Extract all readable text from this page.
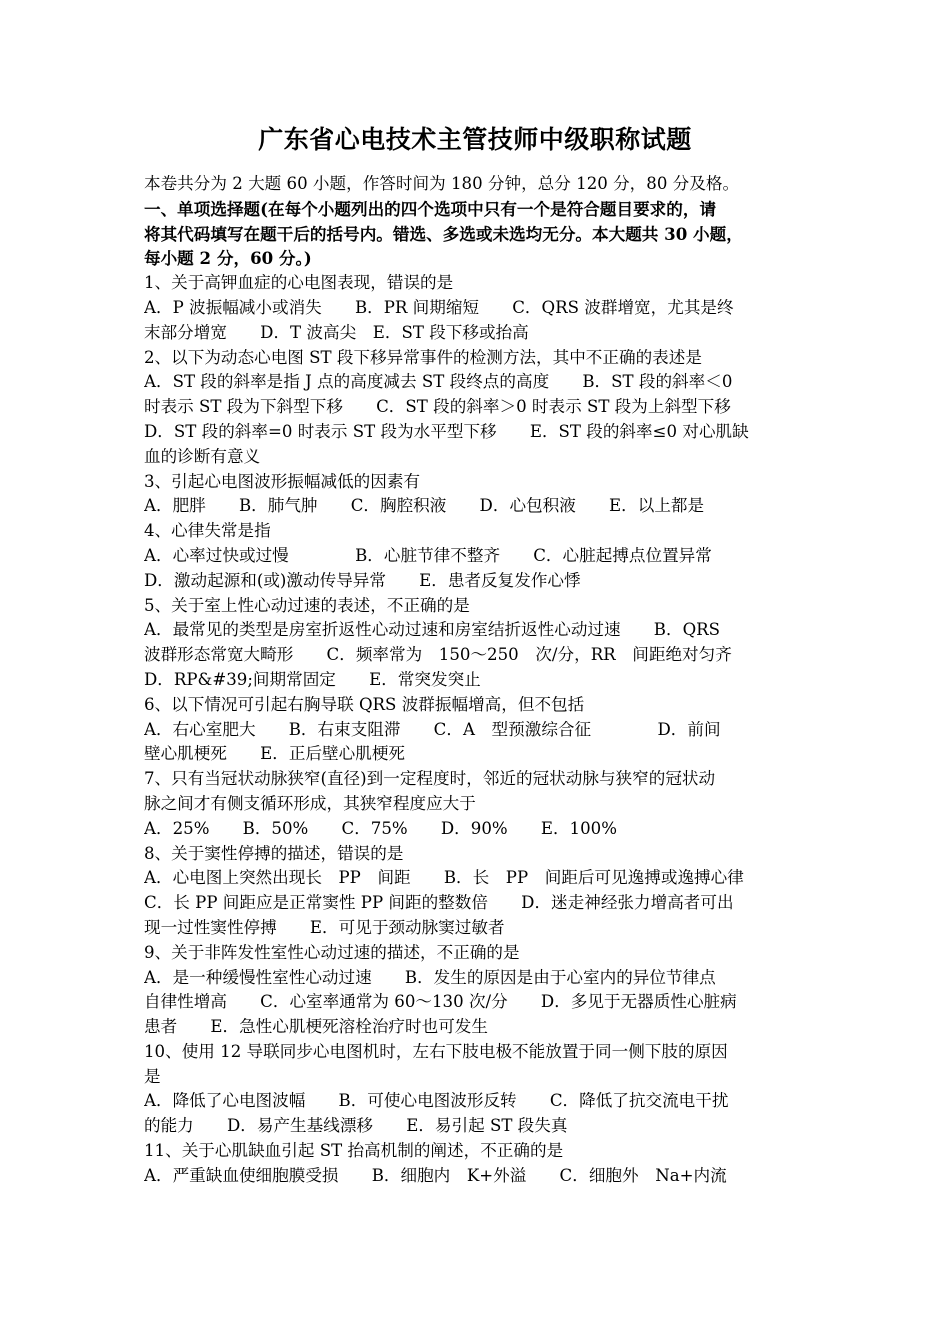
广东省心电技术主管技师中级职称试题
本卷共分为 2 大题 60 小题，作答时间为 180 分钟，总分 120 分，80 分及格。
一、单项选择题(在每个小题列出的四个选项中只有一个是符合题目要求的，请
将其代码填写在题干后的括号内。错选、多选或未选均无分。本大题共 30 小题，
每小题 2 分，60 分。)
1、关于高钾血症的心电图表现，错误的是
A．P 波振幅减小或消失　　B．PR 间期缩短　　C．QRS 波群增宽，尤其是终
末部分增宽　　D．T 波高尖　E．ST 段下移或抬高
2、以下为动态心电图 ST 段下移异常事件的检测方法，其中不正确的表述是
A．ST 段的斜率是指 J 点的高度减去 ST 段终点的高度　　B．ST 段的斜率＜0
时表示 ST 段为下斜型下移　　C．ST 段的斜率＞0 时表示 ST 段为上斜型下移
D．ST 段的斜率=0 时表示 ST 段为水平型下移　　E．ST 段的斜率≤0 对心肌缺
血的诊断有意义
3、引起心电图波形振幅减低的因素有
A．肥胖　　B．肺气肿　　C．胸腔积液　　D．心包积液　　E．以上都是
4、心律失常是指
A．心率过快或过慢　　　　B．心脏节律不整齐　　C．心脏起搏点位置异常
D．激动起源和(或)激动传导异常　　E．患者反复发作心悸
5、关于室上性心动过速的表述，不正确的是
A．最常见的类型是房室折返性心动过速和房室结折返性心动过速　　B．QRS
波群形态常宽大畸形　　C．频率常为　150～250　次/分，RR　间距绝对匀齐
D．RP&#39;间期常固定　　E．常突发突止
6、以下情况可引起右胸导联 QRS 波群振幅增高，但不包括
A．右心室肥大　　B．右束支阻滞　　C．A　型预激综合征　　　　D．前间
壁心肌梗死　　E．正后壁心肌梗死
7、只有当冠状动脉狭窄(直径)到一定程度时，邻近的冠状动脉与狭窄的冠状动
脉之间才有侧支循环形成，其狭窄程度应大于
A．25%　　B．50%　　C．75%　　D．90%　　E．100%
8、关于窦性停搏的描述，错误的是
A．心电图上突然出现长　PP　间距　　B．长　PP　间距后可见逸搏或逸搏心律
C．长 PP 间距应是正常窦性 PP 间距的整数倍　　D．迷走神经张力增高者可出
现一过性窦性停搏　　E．可见于颈动脉窦过敏者
9、关于非阵发性室性心动过速的描述，不正确的是
A．是一种缓慢性室性心动过速　　B．发生的原因是由于心室内的异位节律点
自律性增高　　C．心室率通常为 60～130 次/分　　D．多见于无器质性心脏病
患者　　E．急性心肌梗死溶栓治疗时也可发生
10、使用 12 导联同步心电图机时，左右下肢电极不能放置于同一侧下肢的原因
是
A．降低了心电图波幅　　B．可使心电图波形反转　　C．降低了抗交流电干扰
的能力　　D．易产生基线漂移　　E．易引起 ST 段失真
11、关于心肌缺血引起 ST 抬高机制的阐述，不正确的是
A．严重缺血使细胞膜受损　　B．细胞内　K+外溢　　C．细胞外　Na+内流
